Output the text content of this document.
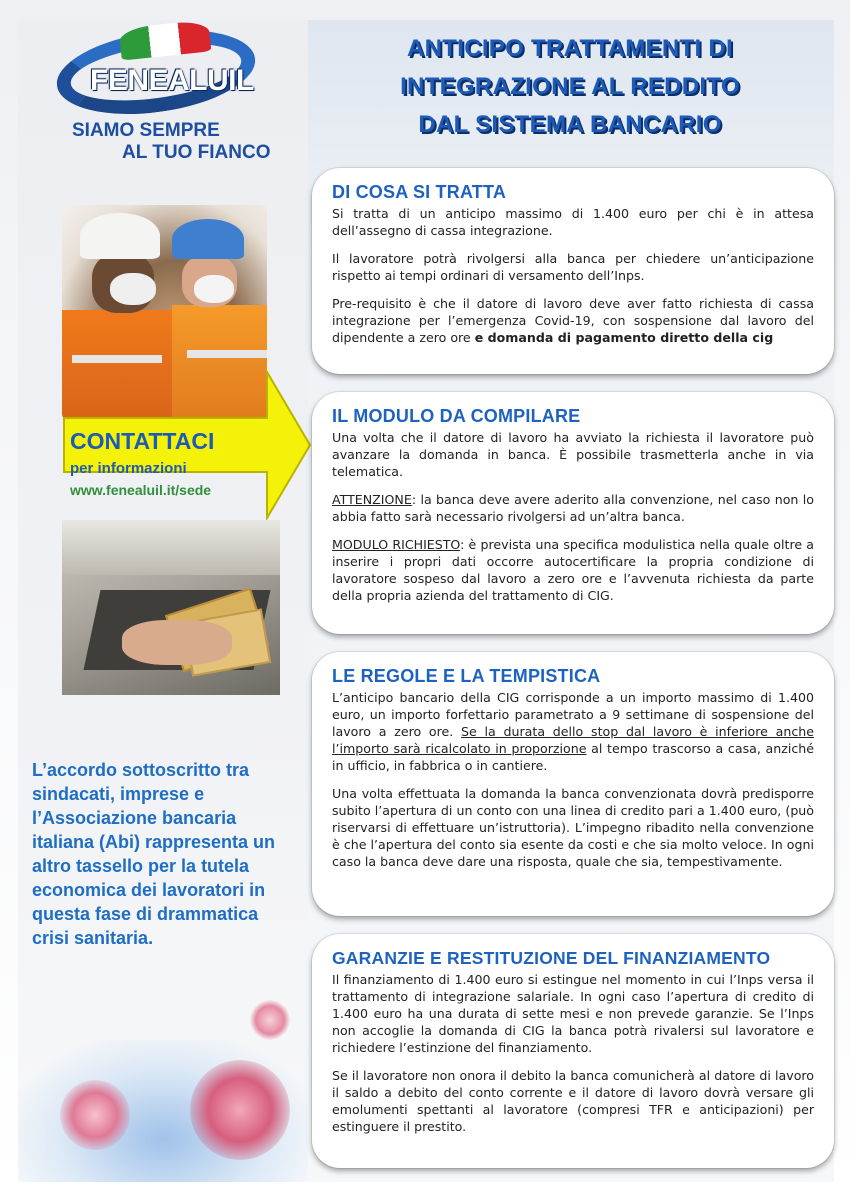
FENEALUIL
SIAMO SEMPRE
AL TUO FIANCO
ANTICIPO TRATTAMENTI DI
INTEGRAZIONE AL REDDITO
DAL SISTEMA BANCARIO
CONTATTACI
per informazioni
www.fenealuil.it/sede
L’accordo sottoscritto tra sindacati, imprese e l’Associazione bancaria italiana (Abi) rappresenta un altro tassello per la tutela economica dei lavoratori in questa fase di drammatica crisi sanitaria.
DI COSA SI TRATTA

Si tratta di un anticipo massimo di 1.400 euro per chi è in attesa dell’assegno di cassa integrazione.

Il lavoratore potrà rivolgersi alla banca per chiedere un’anticipazione rispetto ai tempi ordinari di versamento dell’Inps.

Pre-requisito è che il datore di lavoro deve aver fatto richiesta di cassa integrazione per l’emergenza Covid-19, con sospensione dal lavoro del dipendente a zero ore e domanda di pagamento diretto della cig

IL MODULO DA COMPILARE

Una volta che il datore di lavoro ha avviato la richiesta il lavoratore può avanzare la domanda in banca. È possibile trasmetterla anche in via telematica.

ATTENZIONE: la banca deve avere aderito alla convenzione, nel caso non lo abbia fatto sarà necessario rivolgersi ad un’altra banca.

MODULO RICHIESTO: è prevista una specifica modulistica nella quale oltre a inserire i propri dati occorre autocertificare la propria condizione di lavoratore sospeso dal lavoro a zero ore e l’avvenuta richiesta da parte della propria azienda del trattamento di CIG.

LE REGOLE E LA TEMPISTICA

L’anticipo bancario della CIG corrisponde a un importo massimo di 1.400 euro, un importo forfettario parametrato a 9 settimane di sospensione del lavoro a zero ore. Se la durata dello stop dal lavoro è inferiore anche l’importo sarà ricalcolato in proporzione al tempo trascorso a casa, anziché in ufficio, in fabbrica o in cantiere.

Una volta effettuata la domanda la banca convenzionata dovrà predisporre subito l’apertura di un conto con una linea di credito pari a 1.400 euro, (può riservarsi di effettuare un’istruttoria). L’impegno ribadito nella convenzione è che l’apertura del conto sia esente da costi e che sia molto veloce. In ogni caso la banca deve dare una risposta, quale che sia, tempestivamente.

GARANZIE E RESTITUZIONE DEL FINANZIAMENTO

Il finanziamento di 1.400 euro si estingue nel momento in cui l’Inps versa il trattamento di integrazione salariale. In ogni caso l’apertura di credito di 1.400 euro ha una durata di sette mesi e non prevede garanzie. Se l’Inps non accoglie la domanda di CIG la banca potrà rivalersi sul lavoratore e richiedere l’estinzione del finanziamento.

Se il lavoratore non onora il debito la banca comunicherà al datore di lavoro il saldo a debito del conto corrente e il datore di lavoro dovrà versare gli emolumenti spettanti al lavoratore (compresi TFR e anticipazioni) per estinguere il prestito.
